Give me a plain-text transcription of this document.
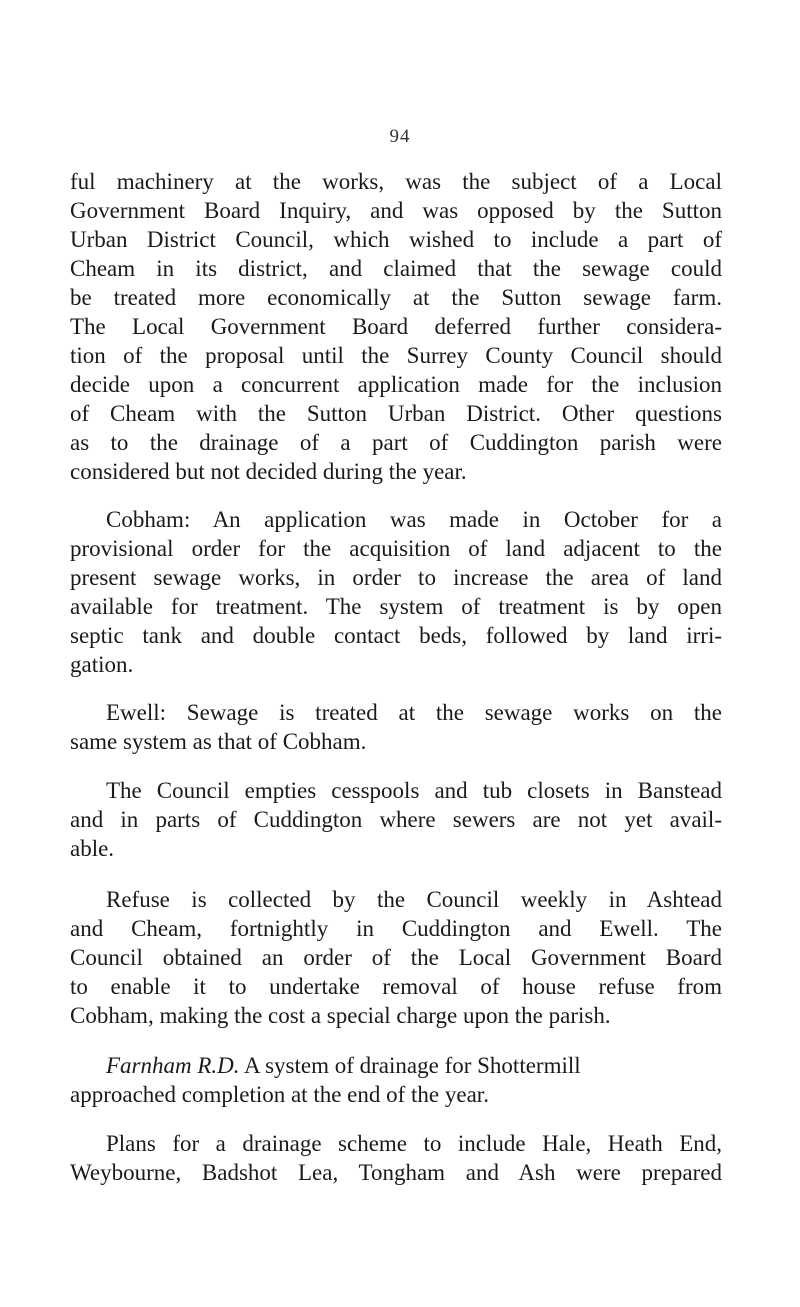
94
ful machinery at the works, was the subject of a Local
Government Board Inquiry, and was opposed by the Sutton
Urban District Council, which wished to include a part of
Cheam in its district, and claimed that the sewage could
be treated more economically at the Sutton sewage farm.
The Local Government Board deferred further considera-
tion of the proposal until the Surrey County Council should
decide upon a concurrent application made for the inclusion
of Cheam with the Sutton Urban District. Other questions
as to the drainage of a part of Cuddington parish were
considered but not decided during the year.
Cobham: An application was made in October for a
provisional order for the acquisition of land adjacent to the
present sewage works, in order to increase the area of land
available for treatment. The system of treatment is by open
septic tank and double contact beds, followed by land irri-
gation.
Ewell: Sewage is treated at the sewage works on the
same system as that of Cobham.
The Council empties cesspools and tub closets in Banstead
and in parts of Cuddington where sewers are not yet avail-
able.
Refuse is collected by the Council weekly in Ashtead
and Cheam, fortnightly in Cuddington and Ewell. The
Council obtained an order of the Local Government Board
to enable it to undertake removal of house refuse from
Cobham, making the cost a special charge upon the parish.
Farnham R.D. A system of drainage for Shottermill
approached completion at the end of the year.
Plans for a drainage scheme to include Hale, Heath End,
Weybourne, Badshot Lea, Tongham and Ash were prepared
